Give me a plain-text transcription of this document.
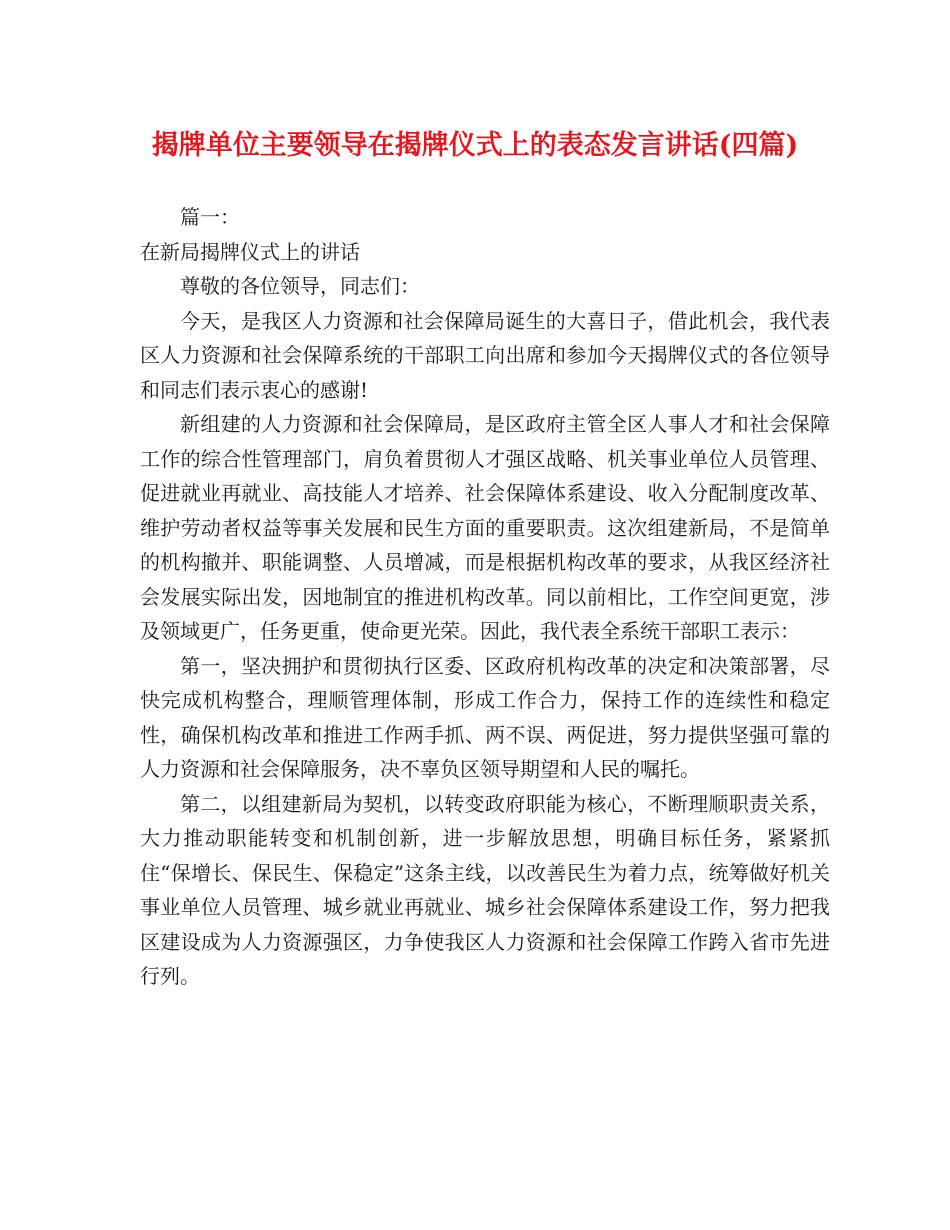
揭牌单位主要领导在揭牌仪式上的表态发言讲话(四篇)

篇一：

在新局揭牌仪式上的讲话

尊敬的各位领导，同志们：

今天，是我区人力资源和社会保障局诞生的大喜日子，借此机会，我代表区人力资源和社会保障系统的干部职工向出席和参加今天揭牌仪式的各位领导和同志们表示衷心的感谢!

新组建的人力资源和社会保障局，是区政府主管全区人事人才和社会保障工作的综合性管理部门，肩负着贯彻人才强区战略、机关事业单位人员管理、促进就业再就业、高技能人才培养、社会保障体系建设、收入分配制度改革、维护劳动者权益等事关发展和民生方面的重要职责。这次组建新局，不是简单的机构撤并、职能调整、人员增减，而是根据机构改革的要求，从我区经济社会发展实际出发，因地制宜的推进机构改革。同以前相比，工作空间更宽，涉及领域更广，任务更重，使命更光荣。因此，我代表全系统干部职工表示：

第一，坚决拥护和贯彻执行区委、区政府机构改革的决定和决策部署，尽快完成机构整合，理顺管理体制，形成工作合力，保持工作的连续性和稳定性，确保机构改革和推进工作两手抓、两不误、两促进，努力提供坚强可靠的人力资源和社会保障服务，决不辜负区领导期望和人民的嘱托。

第二，以组建新局为契机，以转变政府职能为核心，不断理顺职责关系，大力推动职能转变和机制创新，进一步解放思想，明确目标任务，紧紧抓住“保增长、保民生、保稳定”这条主线，以改善民生为着力点，统筹做好机关事业单位人员管理、城乡就业再就业、城乡社会保障体系建设工作，努力把我区建设成为人力资源强区，力争使我区人力资源和社会保障工作跨入省市先进行列。
